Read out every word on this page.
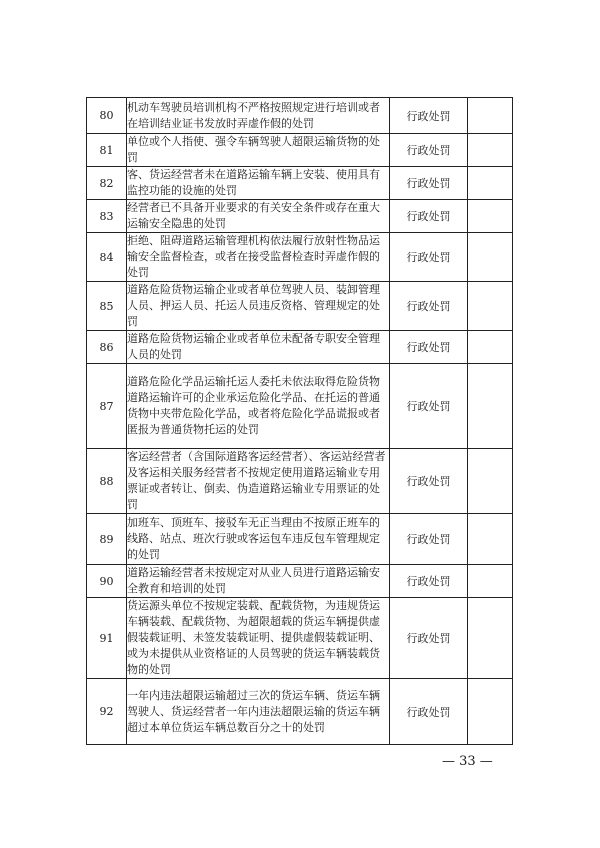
80	机动车驾驶员培训机构不严格按照规定进行培训或者在培训结业证书发放时弄虚作假的处罚	行政处罚	
81	单位或个人指使、强令车辆驾驶人超限运输货物的处罚	行政处罚	
82	客、货运经营者未在道路运输车辆上安装、使用具有监控功能的设施的处罚	行政处罚	
83	经营者已不具备开业要求的有关安全条件或存在重大运输安全隐患的处罚	行政处罚	
84	拒绝、阻碍道路运输管理机构依法履行放射性物品运输安全监督检查，或者在接受监督检查时弄虚作假的处罚	行政处罚	
85	道路危险货物运输企业或者单位驾驶人员、装卸管理人员、押运人员、托运人员违反资格、管理规定的处罚	行政处罚	
86	道路危险货物运输企业或者单位未配备专职安全管理人员的处罚	行政处罚	
87	道路危险化学品运输托运人委托未依法取得危险货物道路运输许可的企业承运危险化学品、在托运的普通货物中夹带危险化学品，或者将危险化学品谎报或者匿报为普通货物托运的处罚	行政处罚	
88	客运经营者（含国际道路客运经营者）、客运站经营者及客运相关服务经营者不按规定使用道路运输业专用票证或者转让、倒卖、伪造道路运输业专用票证的处罚	行政处罚	
89	加班车、顶班车、接驳车无正当理由不按原正班车的线路、站点、班次行驶或客运包车违反包车管理规定的处罚	行政处罚	
90	道路运输经营者未按规定对从业人员进行道路运输安全教育和培训的处罚	行政处罚	
91	货运源头单位不按规定装载、配载货物，为违规货运车辆装载、配载货物、为超限超载的货运车辆提供虚假装载证明、未签发装载证明、提供虚假装载证明、或为未提供从业资格证的人员驾驶的货运车辆装载货物的处罚	行政处罚	
92	一年内违法超限运输超过三次的货运车辆、货运车辆驾驶人、货运经营者一年内违法超限运输的货运车辆超过本单位货运车辆总数百分之十的处罚	行政处罚	
— 33 —
